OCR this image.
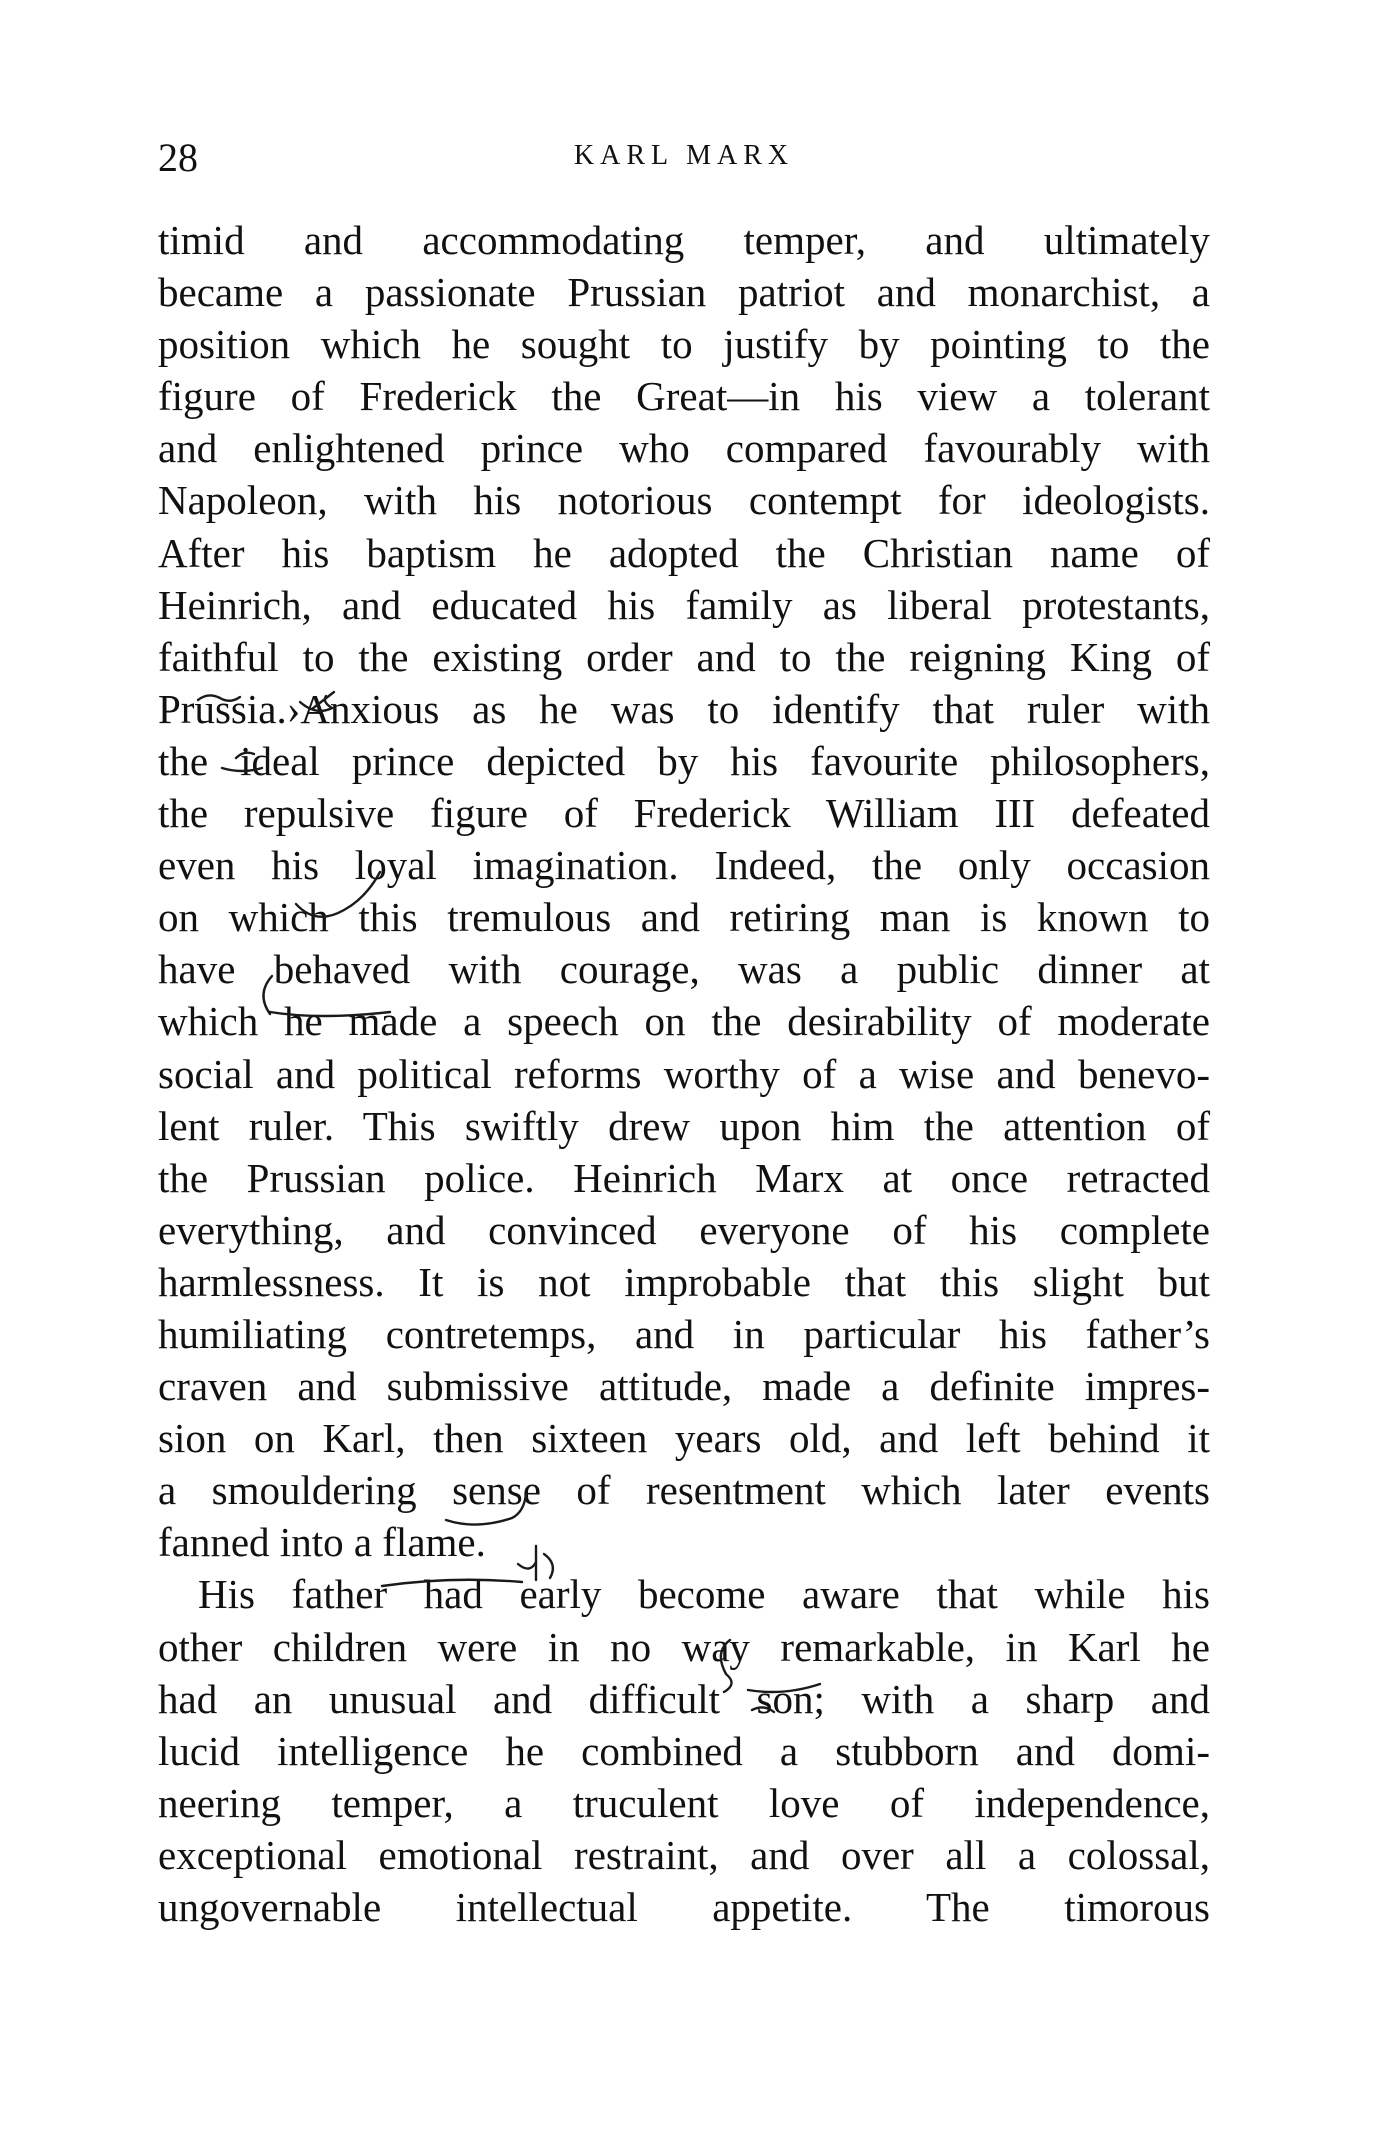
28	KARL MARX
timid and accommodating temper, and ultimately
became a passionate Prussian patriot and monarchist, a
position which he sought to justify by pointing to the
figure of Frederick the Great—in his view a tolerant
and enlightened prince who compared favourably with
Napoleon, with his notorious contempt for ideologists.
After his baptism he adopted the Christian name of
Heinrich, and educated his family as liberal protestants,
faithful to the existing order and to the reigning King of
Prussia.›Anxious as he was to identify that ruler with
the ideal prince depicted by his favourite philosophers,
the repulsive figure of Frederick William III defeated
even his loyal imagination. Indeed, the only occasion
on which this tremulous and retiring man is known to
have behaved with courage, was a public dinner at
which he made a speech on the desirability of moderate
social and political reforms worthy of a wise and benevo-
lent ruler. This swiftly drew upon him the attention of
the Prussian police. Heinrich Marx at once retracted
everything, and convinced everyone of his complete
harmlessness. It is not improbable that this slight but
humiliating contretemps, and in particular his father’s
craven and submissive attitude, made a definite impres-
sion on Karl, then sixteen years old, and left behind it
a smouldering sense of resentment which later events
fanned into a flame.
His father had early become aware that while his
other children were in no way remarkable, in Karl he
had an unusual and difficult son; with a sharp and
lucid intelligence he combined a stubborn and domi-
neering temper, a truculent love of independence,
exceptional emotional restraint, and over all a colossal,
ungovernable intellectual appetite. The timorous
